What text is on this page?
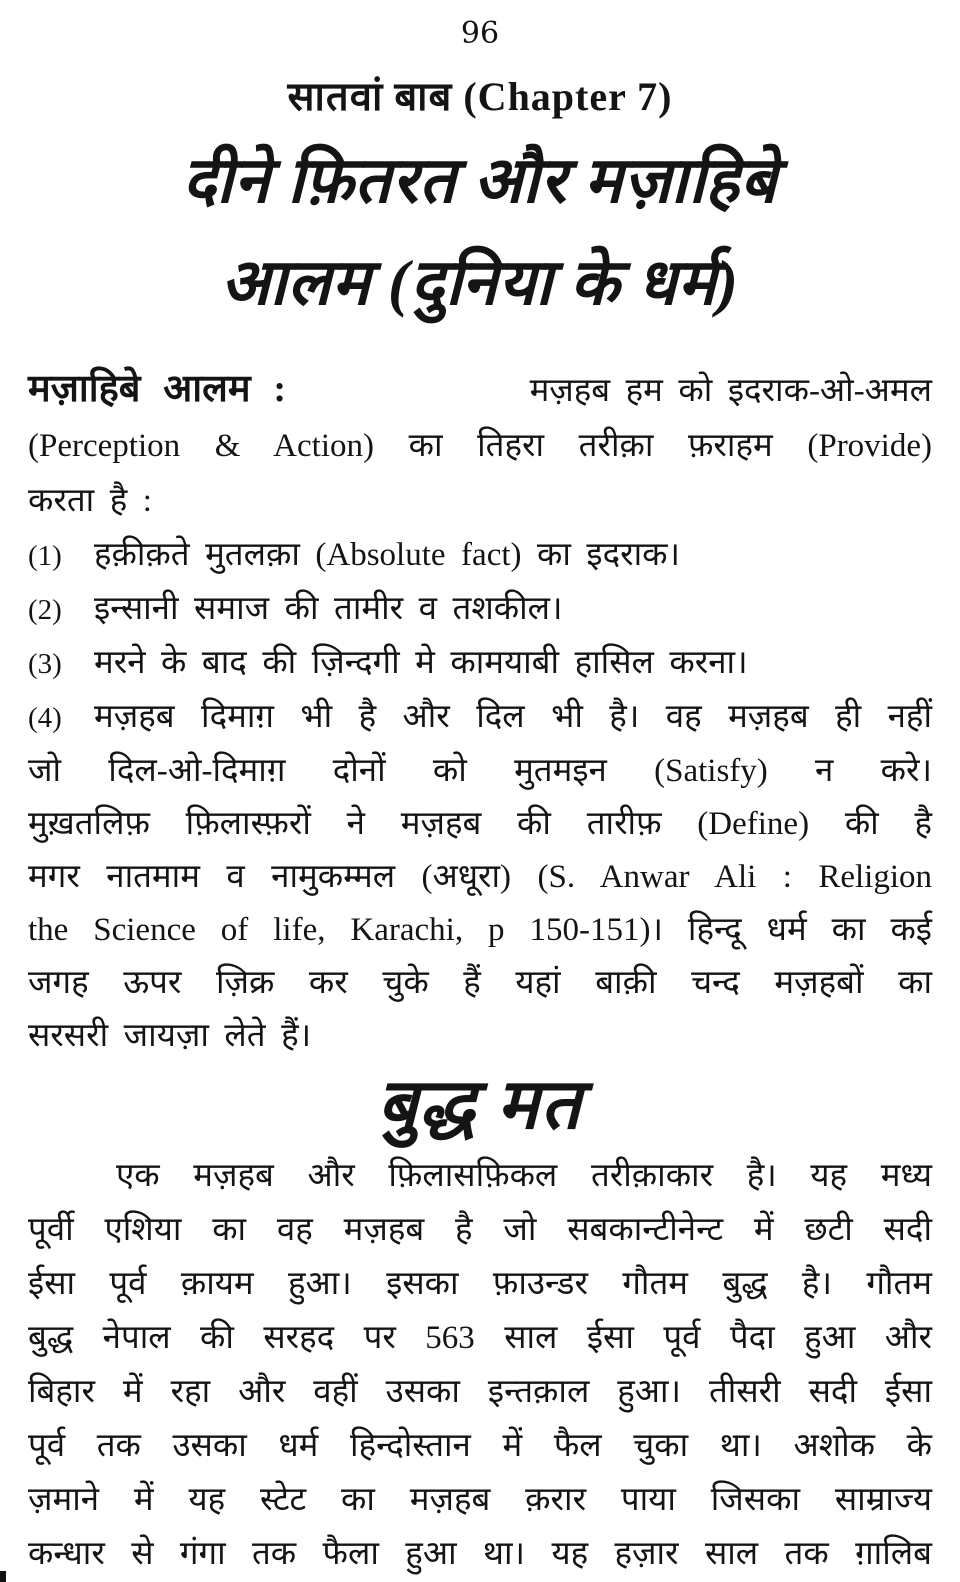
96
सातवां बाब (Chapter 7)
दीने फ़ितरत और मज़ाहिबे
आलम (दुनिया के धर्म)
मज़ाहिबे आलम :	मज़हब हम को इदराक-ओ-अमल
(Perception & Action) का तिहरा तरीक़ा फ़राहम (Provide)
करता है :
(1) हक़ीक़ते मुतलक़ा (Absolute fact) का इदराक।
(2) इन्सानी समाज की तामीर व तशकील।
(3) मरने के बाद की ज़िन्दगी मे कामयाबी हासिल करना।
(4) मज़हब दिमाग़ भी है और दिल भी है। वह मज़हब ही नहीं
जो दिल-ओ-दिमाग़ दोनों को मुतमइन (Satisfy) न करे।
मुख़तलिफ़ फ़िलास्फ़रों ने मज़हब की तारीफ़ (Define) की है
मगर नातमाम व नामुकम्मल (अधूरा) (S. Anwar Ali : Religion
the Science of life, Karachi, p 150-151)। हिन्दू धर्म का कई
जगह ऊपर ज़िक्र कर चुके हैं यहां बाक़ी चन्द मज़हबों का
सरसरी जायज़ा लेते हैं।
बुद्ध मत
एक मज़हब और फ़िलासफ़िकल तरीक़ाकार है। यह मध्य
पूर्वी एशिया का वह मज़हब है जो सबकान्टीनेन्ट में छटी सदी
ईसा पूर्व क़ायम हुआ। इसका फ़ाउन्डर गौतम बुद्ध है। गौतम
बुद्ध नेपाल की सरहद पर 563 साल ईसा पूर्व पैदा हुआ और
बिहार में रहा और वहीं उसका इन्तक़ाल हुआ। तीसरी सदी ईसा
पूर्व तक उसका धर्म हिन्दोस्तान में फैल चुका था। अशोक के
ज़माने में यह स्टेट का मज़हब क़रार पाया जिसका साम्राज्य
कन्धार से गंगा तक फैला हुआ था। यह हज़ार साल तक ग़ालिब
